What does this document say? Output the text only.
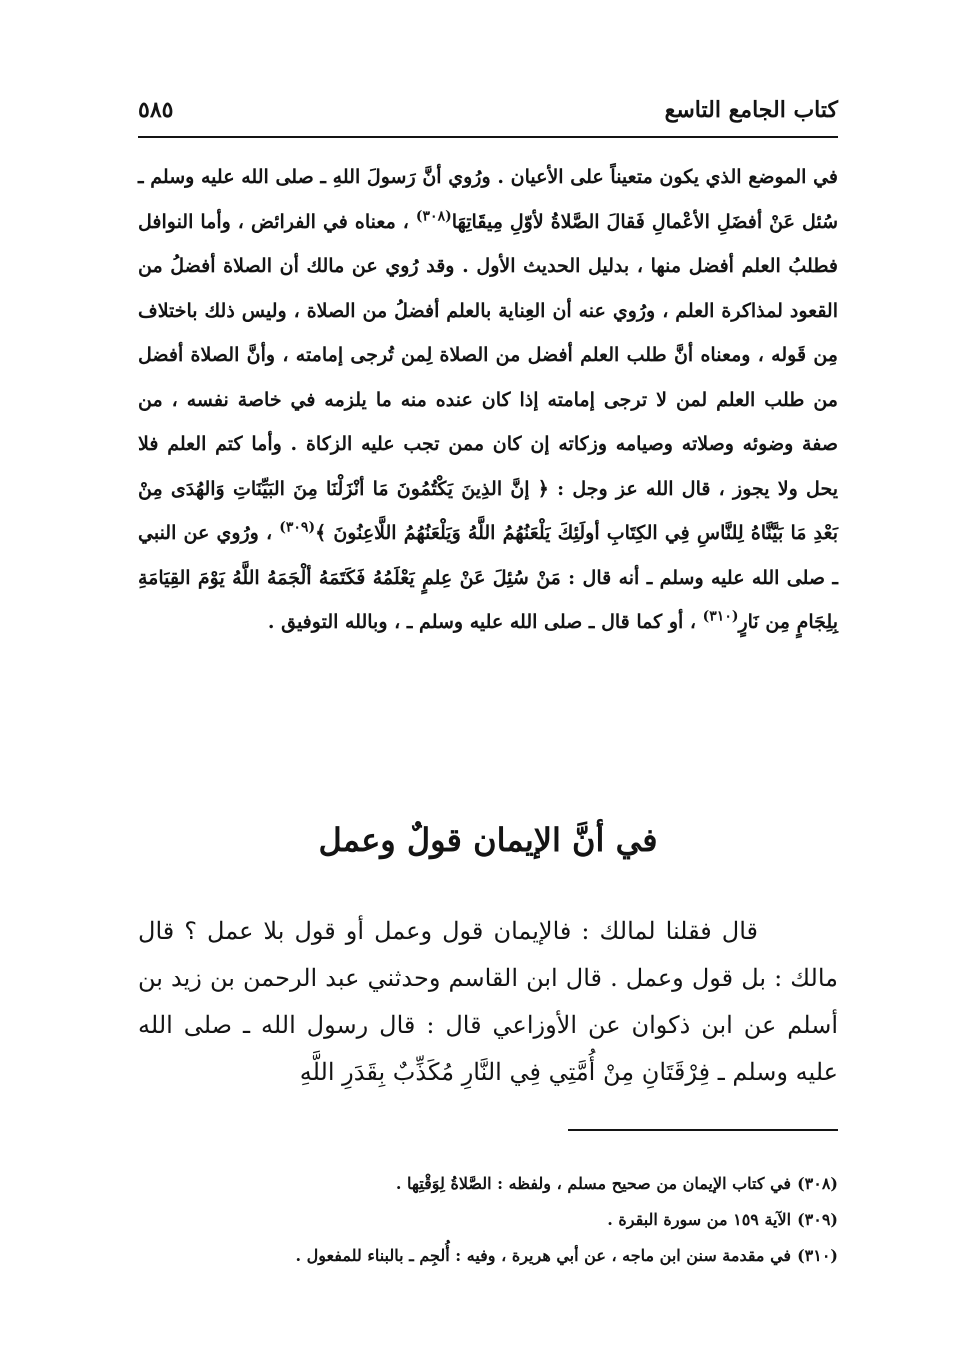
كتاب الجامع التاسع
٥٨٥

في الموضع الذي يكون متعيناً على الأعيان . ورُوي أنَّ رَسولَ اللهِ ـ صلى الله عليه وسلم ـ سُئل عَنْ أفضَلِ الأعْمالِ فَقالَ الصَّلاةُ لأوّلِ مِيقَاتِهَا$^{(٣٠٨)}$ ، معناه في الفرائض ، وأما النوافل فطلبُ العلم أفضل منها ، بدليل الحديث الأول . وقد رُوي عن مالك أن الصلاة أفضلُ من القعود لمذاكرة العلم ، ورُوي عنه أن العِناية بالعلم أفضلُ من الصلاة ، وليس ذلك باختلاف مِن قَوله ، ومعناه أنَّ طلب العلم أفضل من الصلاة لِمن تُرجى إمامته ، وأنَّ الصلاة أفضل من طلب العلم لمن لا ترجى إمامته إذا كان عنده منه ما يلزمه في خاصة نفسه ، من صفة وضوئه وصلاته وصيامه وزكاته إن كان ممن تجب عليه الزكاة . وأما كتم العلم فلا يحل ولا يجوز ، قال الله عز وجل : ﴿ إنَّ الذِينَ يَكْتُمُونَ مَا أنْزَلْنَا مِنَ البَيِّنَاتِ وَالهُدَى مِنْ بَعْدِ مَا بَيَّنَّاهُ لِلنَّاسِ فِي الكِتَابِ أولَئِكَ يَلْعَنُهُمُ اللَّهُ وَيَلْعَنُهُمُ اللَّاعِنُونَ ﴾$^{(٣٠٩)}$ ، ورُوي عن النبي ـ صلى الله عليه وسلم ـ أنه قال : مَنْ سُئِلَ عَنْ عِلمٍ يَعْلَمُهُ فَكَتَمَهُ ألْجَمَهُ اللَّهُ يَوْمَ القِيَامَةِ بِلِجَامٍ مِن نَارٍ$^{(٣١٠)}$ ، أو كما قال ـ صلى الله عليه وسلم ـ ، وبالله التوفيق .

في أنَّ الإيمان قولٌ وعمل

قال فقلنا لمالك : فالإيمان قول وعمل أو قول بلا عمل ؟ قال مالك : بل قول وعمل . قال ابن القاسم وحدثني عبد الرحمن بن زيد بن أسلم عن ابن ذكوان عن الأوزاعي قال : قال رسول الله ـ صلى الله عليه وسلم ـ فِرْقَتَانِ مِنْ أُمَّتِي فِي النَّارِ مُكَذِّبٌ بِقَدَرِ اللَّهِ

(٣٠٨)
في كتاب الإيمان من صحيح مسلم ، ولفظه : الصَّلاةُ لِوَقْتِها .

(٣٠٩)
الآية ١٥٩ من سورة البقرة .

(٣١٠)
في مقدمة سنن ابن ماجه ، عن أبي هريرة ، وفيه : أُلجِم ـ بالبناء للمفعول .
